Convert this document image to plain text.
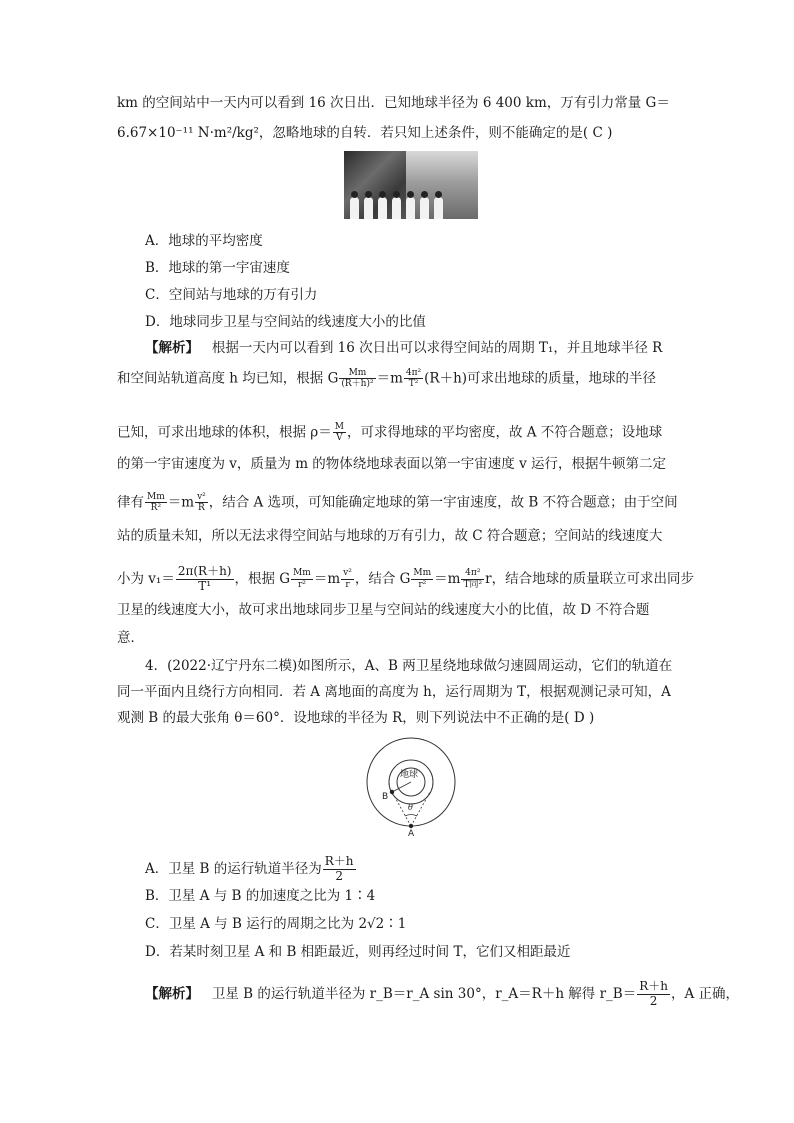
km 的空间站中一天内可以看到 16 次日出．已知地球半径为 6 400 km，万有引力常量 G＝
6.67×10⁻¹¹ N·m²/kg²，忽略地球的自转．若只知上述条件，则不能确定的是( C )
A．地球的平均密度
B．地球的第一宇宙速度
C．空间站与地球的万有引力
D．地球同步卫星与空间站的线速度大小的比值
【解析】 根据一天内可以看到 16 次日出可以求得空间站的周期 T₁，并且地球半径 R
和空间站轨道高度 h 均已知，根据 G $\frac{Mm}{\text{(R＋h)²}} =m \frac{\text{4π²}}{\text{T²}} (R+h)$可求出地球的质量，地球的半径
已知，可求出地球的体积，根据 $\rho= \frac{M}{V}$ ，可求得地球的平均密度，故 A 不符合题意；设地球
的第一宇宙速度为 v，质量为 m 的物体绕地球表面以第一宇宙速度 v 运行，根据牛顿第二定
律有 $\frac{Mm}{\text{R²}} =m \frac{\text{v²}}{R}$ ，结合 A 选项，可知能确定地球的第一宇宙速度，故 B 不符合题意；由于空间
站的质量未知，所以无法求得空间站与地球的万有引力，故 C 符合题意；空间站的线速度大
小为 $v_1= \frac{2\pi(R+h)}{\text{T¹}}$ ，根据 G $\frac{Mm}{\text{r²}} =m \frac{\text{v²}}{r}$ ，结合 G $\frac{Mm}{\text{r²}} =m \frac{\text{4π²}}{\text{T同²}}$ r，结合地球的质量联立可求出同步
卫星的线速度大小，故可求出地球同步卫星与空间站的线速度大小的比值，故 D 不符合题
意．
4．(2022·辽宁丹东二模)如图所示，A、B 两卫星绕地球做匀速圆周运动，它们的轨道在
同一平面内且绕行方向相同．若 A 离地面的高度为 h，运行周期为 T，根据观测记录可知，A
观测 B 的最大张角 θ＝60°．设地球的半径为 R，则下列说法中不正确的是( D )
地球
B
A
θ
A．卫星 B 的运行轨道半径为 $\frac{R+h}{2}$
B．卫星 A 与 B 的加速度之比为 1∶4
C．卫星 A 与 B 运行的周期之比为 2√2∶1
D．若某时刻卫星 A 和 B 相距最近，则再经过时间 T，它们又相距最近
【解析】 卫星 B 的运行轨道半径为 r_B＝r_A sin 30°，r_A＝R＋h 解得 r_B＝ $\frac{R+h}{2}$ ，A 正确，
